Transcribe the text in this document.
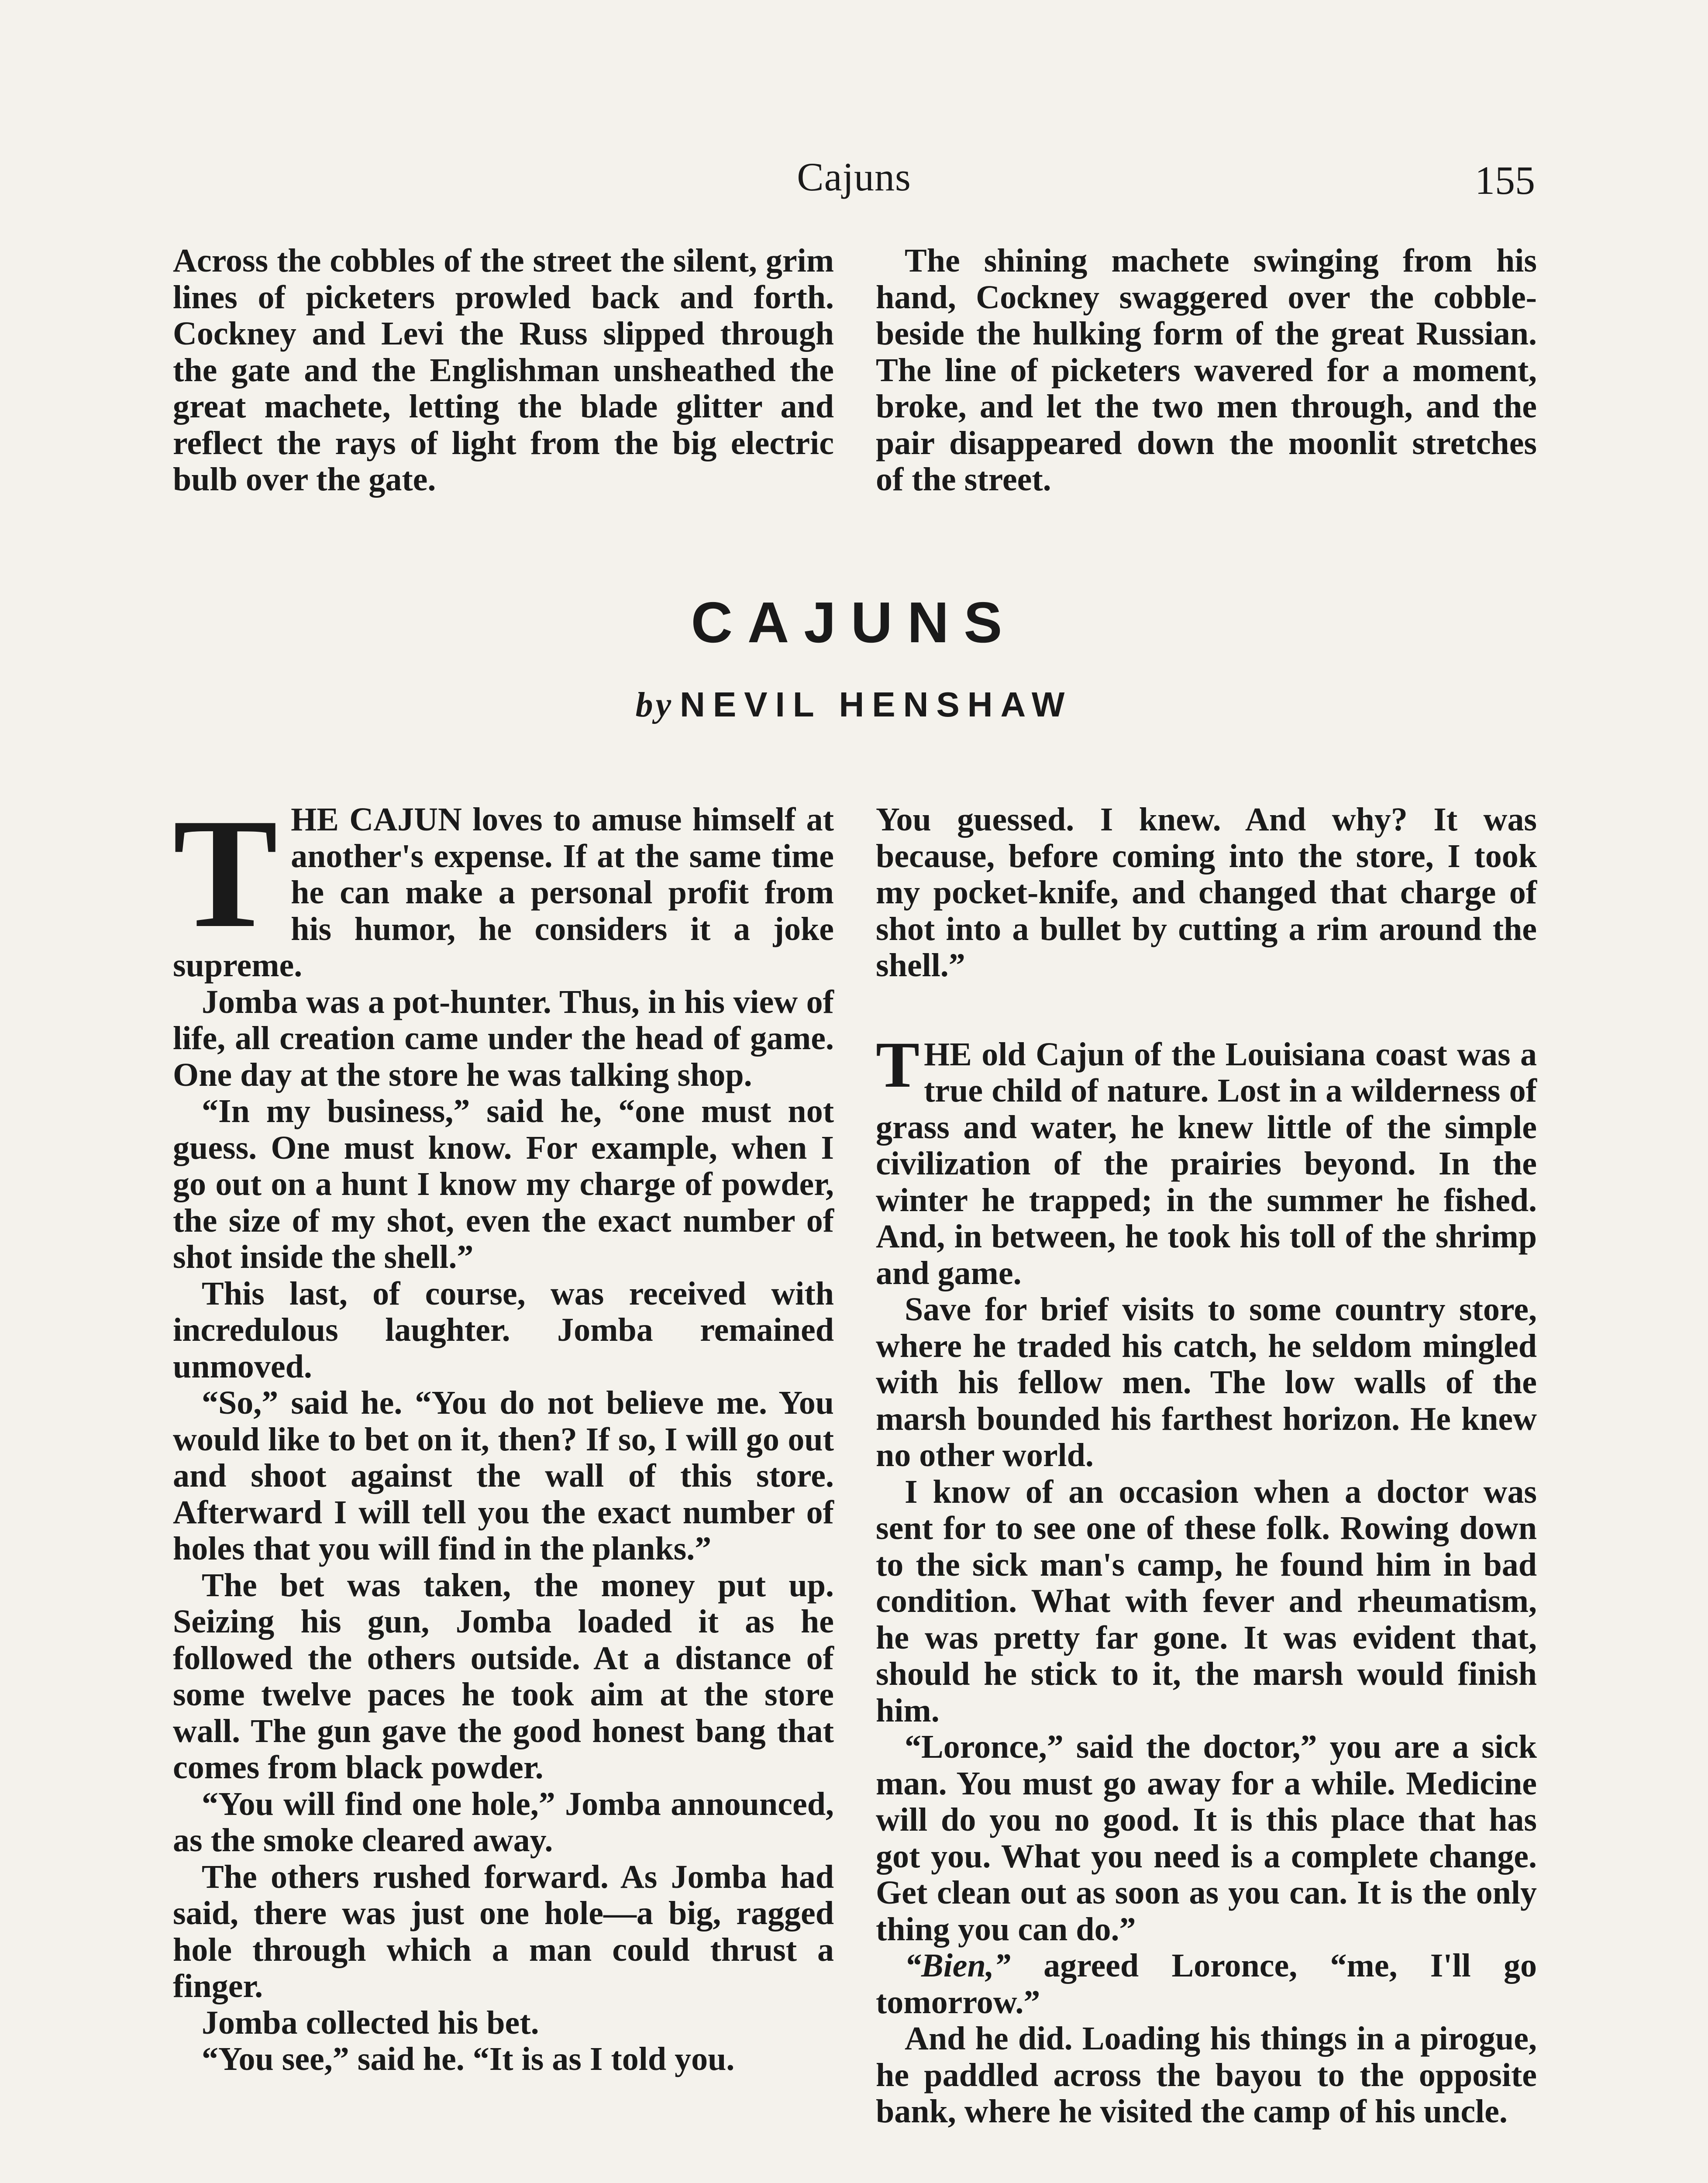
Cajuns	155

Across the cobbles of the street the silent, grim lines of picketers prowled back and forth. Cockney and Levi the Russ slipped through the gate and the Englishman unsheathed the great machete, letting the blade glitter and reflect the rays of light from the big electric bulb over the gate.

The shining machete swinging from his hand, Cockney swaggered over the cobble-beside the hulking form of the great Russian. The line of picketers wavered for a moment, broke, and let the two men through, and the pair disappeared down the moonlit stretches of the street.

CAJUNS
by NEVIL HENSHAW

THE CAJUN loves to amuse himself at another's expense. If at the same time he can make a personal profit from his humor, he considers it a joke supreme.

Jomba was a pot-hunter. Thus, in his view of life, all creation came under the head of game. One day at the store he was talking shop.

“In my business,” said he, “one must not guess. One must know. For example, when I go out on a hunt I know my charge of powder, the size of my shot, even the exact number of shot inside the shell.”

This last, of course, was received with incredulous laughter. Jomba remained unmoved.

“So,” said he. “You do not believe me. You would like to bet on it, then? If so, I will go out and shoot against the wall of this store. Afterward I will tell you the exact number of holes that you will find in the planks.”

The bet was taken, the money put up. Seizing his gun, Jomba loaded it as he followed the others outside. At a distance of some twelve paces he took aim at the store wall. The gun gave the good honest bang that comes from black powder.

“You will find one hole,” Jomba announced, as the smoke cleared away.

The others rushed forward. As Jomba had said, there was just one hole—a big, ragged hole through which a man could thrust a finger.

Jomba collected his bet.

“You see,” said he. “It is as I told you.

You guessed. I knew. And why? It was because, before coming into the store, I took my pocket-knife, and changed that charge of shot into a bullet by cutting a rim around the shell.”

THE old Cajun of the Louisiana coast was a true child of nature. Lost in a wilderness of grass and water, he knew little of the simple civilization of the prairies beyond. In the winter he trapped; in the summer he fished. And, in between, he took his toll of the shrimp and game.

Save for brief visits to some country store, where he traded his catch, he seldom mingled with his fellow men. The low walls of the marsh bounded his farthest horizon. He knew no other world.

I know of an occasion when a doctor was sent for to see one of these folk. Rowing down to the sick man's camp, he found him in bad condition. What with fever and rheumatism, he was pretty far gone. It was evident that, should he stick to it, the marsh would finish him.

“Loronce,” said the doctor,” you are a sick man. You must go away for a while. Medicine will do you no good. It is this place that has got you. What you need is a complete change. Get clean out as soon as you can. It is the only thing you can do.”

“Bien,” agreed Loronce, “me, I'll go tomorrow.”

And he did. Loading his things in a pirogue, he paddled across the bayou to the opposite bank, where he visited the camp of his uncle.
